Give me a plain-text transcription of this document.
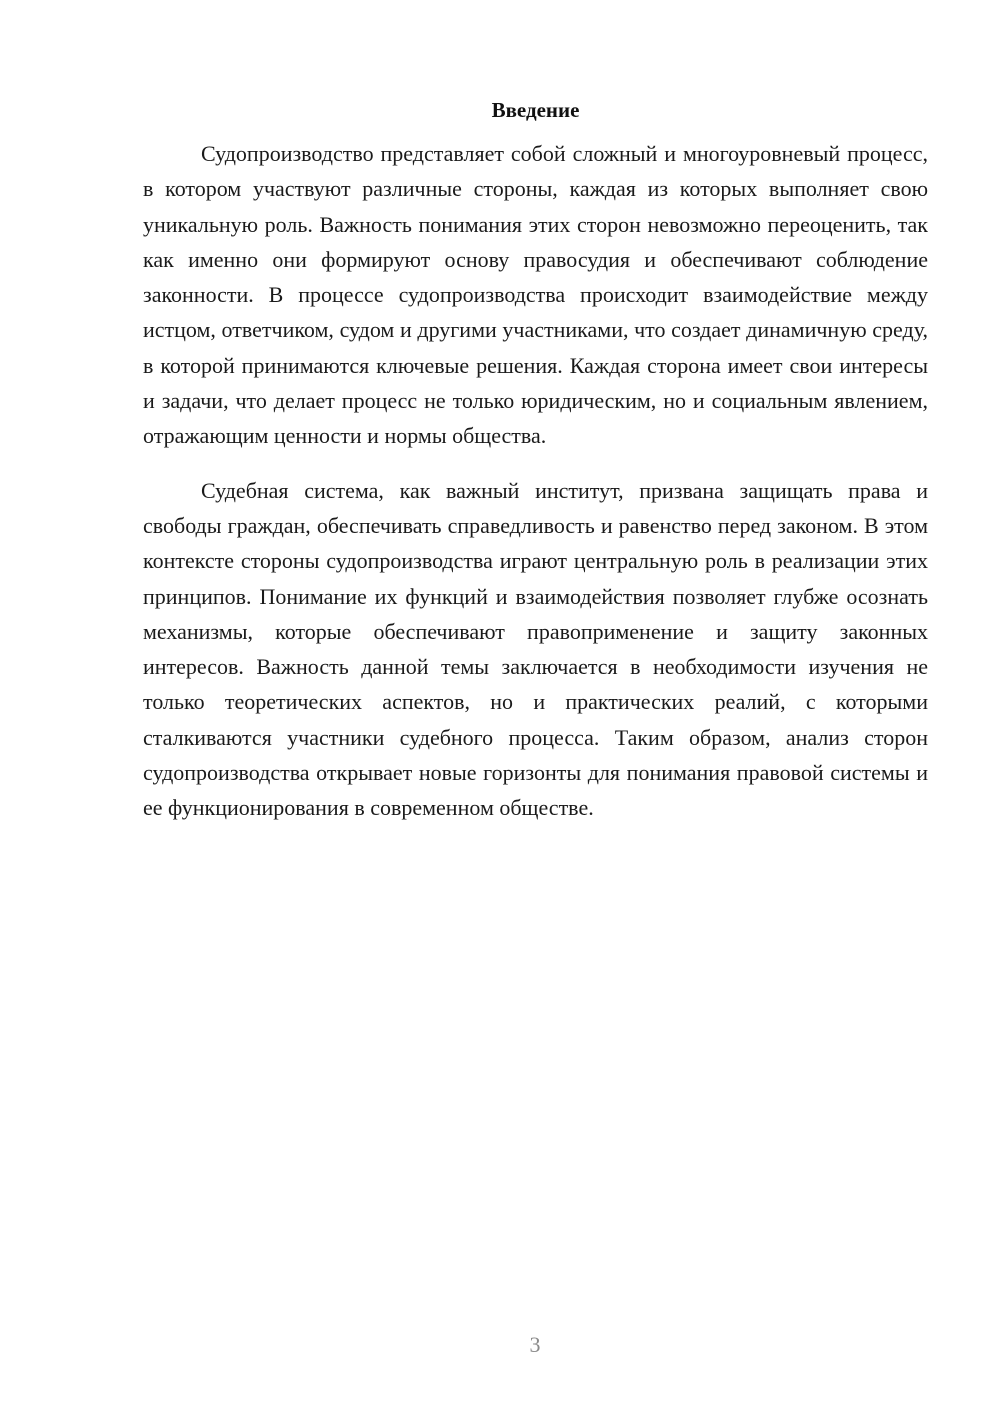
Введение

Судопроизводство представляет собой сложный и многоуровневый процесс, в котором участвуют различные стороны, каждая из которых выполняет свою уникальную роль. Важность понимания этих сторон невозможно переоценить, так как именно они формируют основу правосудия и обеспечивают соблюдение законности. В процессе судопроизводства происходит взаимодействие между истцом, ответчиком, судом и другими участниками, что создает динамичную среду, в которой принимаются ключевые решения. Каждая сторона имеет свои интересы и задачи, что делает процесс не только юридическим, но и социальным явлением, отражающим ценности и нормы общества.

Судебная система, как важный институт, призвана защищать права и свободы граждан, обеспечивать справедливость и равенство перед законом. В этом контексте стороны судопроизводства играют центральную роль в реализации этих принципов. Понимание их функций и взаимодействия позволяет глубже осознать механизмы, которые обеспечивают правоприменение и защиту законных интересов. Важность данной темы заключается в необходимости изучения не только теоретических аспектов, но и практических реалий, с которыми сталкиваются участники судебного процесса. Таким образом, анализ сторон судопроизводства открывает новые горизонты для понимания правовой системы и ее функционирования в современном обществе.

3
